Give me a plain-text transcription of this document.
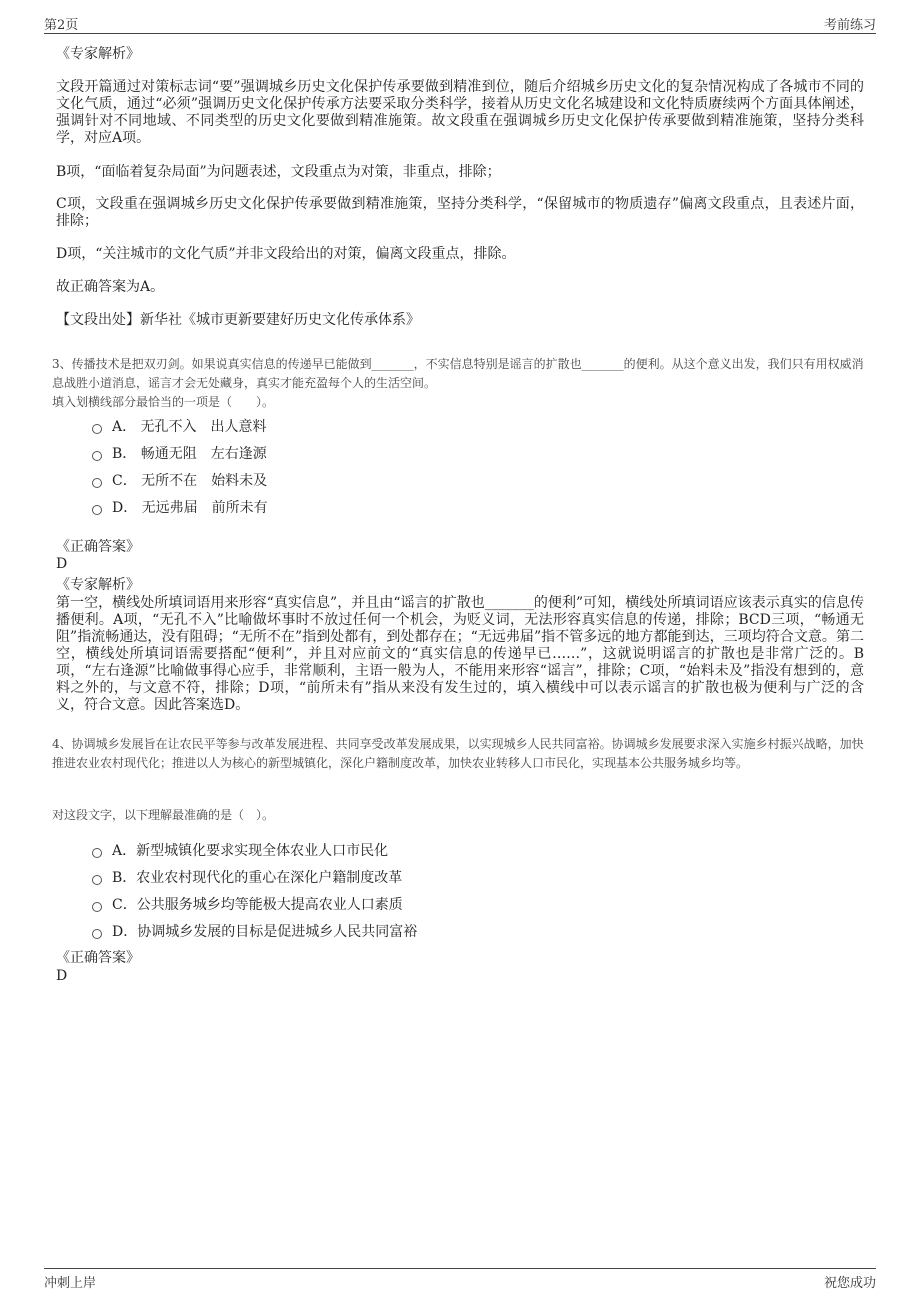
第2页	考前练习

《专家解析》

文段开篇通过对策标志词“要”强调城乡历史文化保护传承要做到精准到位，随后介绍城乡历史文化的复杂情况构成了各城市不同的文化气质，通过“必须”强调历史文化保护传承方法要采取分类科学，接着从历史文化名城建设和文化特质赓续两个方面具体阐述，强调针对不同地域、不同类型的历史文化要做到精准施策。故文段重在强调城乡历史文化保护传承要做到精准施策，坚持分类科学，对应A项。

B项，“面临着复杂局面”为问题表述，文段重点为对策，非重点，排除；

C项，文段重在强调城乡历史文化保护传承要做到精准施策，坚持分类科学，“保留城市的物质遗存”偏离文段重点，且表述片面，排除；

D项，“关注城市的文化气质”并非文段给出的对策，偏离文段重点，排除。

故正确答案为A。

【文段出处】新华社《城市更新要建好历史文化传承体系》

3、传播技术是把双刃剑。如果说真实信息的传递早已能做到_______，不实信息特别是谣言的扩散也_______的便利。从这个意义出发，我们只有用权威消息战胜小道消息，谣言才会无处藏身，真实才能充盈每个人的生活空间。

填入划横线部分最恰当的一项是（　　）。

A． 无孔不入　出人意料
B． 畅通无阻　左右逢源
C． 无所不在　始料未及
D． 无远弗届　前所未有

《正确答案》

D

《专家解析》

第一空，横线处所填词语用来形容“真实信息”，并且由“谣言的扩散也_______的便利”可知，横线处所填词语应该表示真实的信息传播便利。A项，“无孔不入”比喻做坏事时不放过任何一个机会，为贬义词，无法形容真实信息的传递，排除；BCD三项，“畅通无阻”指流畅通达，没有阻碍；“无所不在”指到处都有，到处都存在；“无远弗届”指不管多远的地方都能到达，三项均符合文意。第二空，横线处所填词语需要搭配“便利”，并且对应前文的“真实信息的传递早已……”，这就说明谣言的扩散也是非常广泛的。B项，“左右逢源”比喻做事得心应手，非常顺利，主语一般为人，不能用来形容“谣言”，排除；C项，“始料未及”指没有想到的，意料之外的，与文意不符，排除；D项，“前所未有”指从来没有发生过的，填入横线中可以表示谣言的扩散也极为便利与广泛的含义，符合文意。因此答案选D。

4、协调城乡发展旨在让农民平等参与改革发展进程、共同享受改革发展成果，以实现城乡人民共同富裕。协调城乡发展要求深入实施乡村振兴战略，加快推进农业农村现代化；推进以人为核心的新型城镇化，深化户籍制度改革，加快农业转移人口市民化，实现基本公共服务城乡均等。

对这段文字，以下理解最准确的是（　）。

A．新型城镇化要求实现全体农业人口市民化
B．农业农村现代化的重心在深化户籍制度改革
C．公共服务城乡均等能极大提高农业人口素质
D．协调城乡发展的目标是促进城乡人民共同富裕

《正确答案》

D

冲刺上岸	祝您成功
